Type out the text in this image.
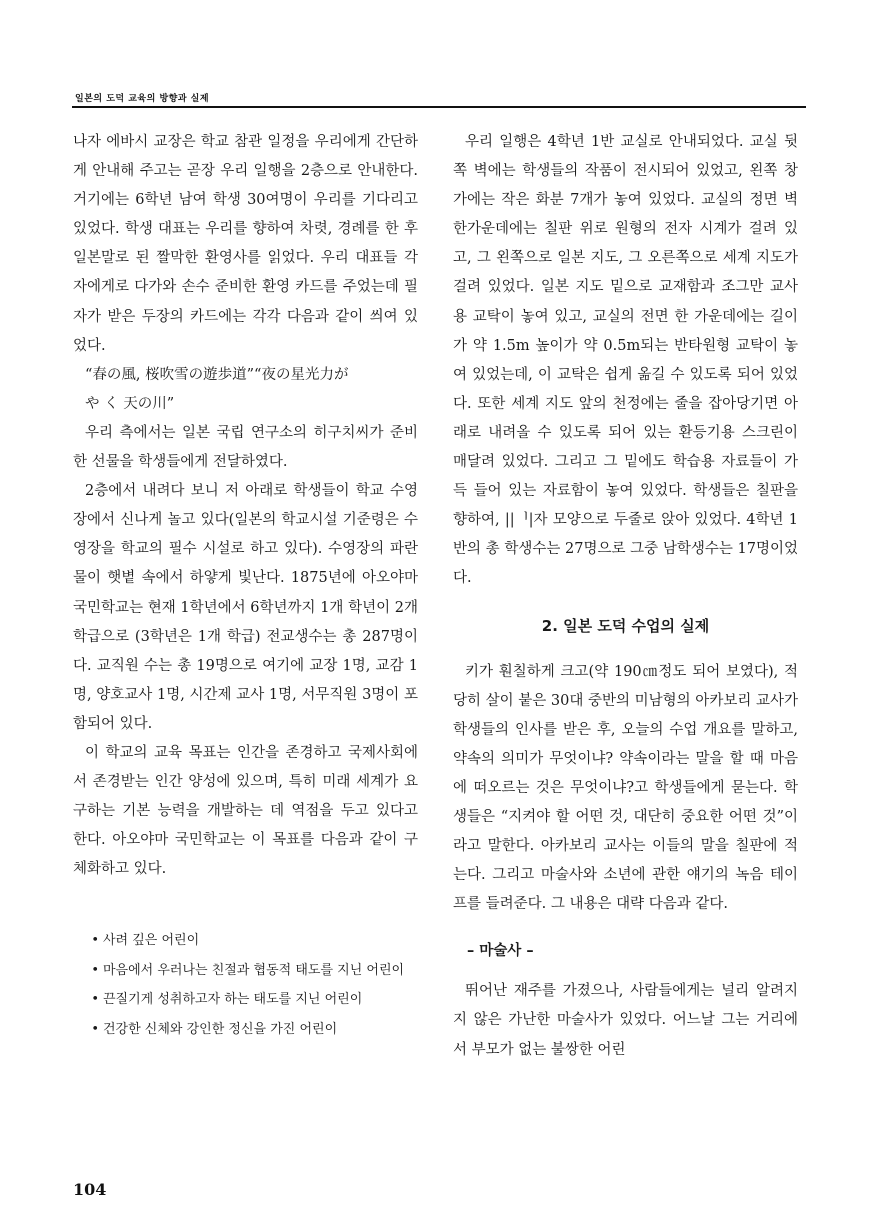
일본의 도덕 교육의 방향과 실제

나자 에바시 교장은 학교 참관 일정을 우리에게 간단하게 안내해 주고는 곧장 우리 일행을 2층으로 안내한다. 거기에는 6학년 남여 학생 30여명이 우리를 기다리고 있었다. 학생 대표는 우리를 향하여 차렷, 경례를 한 후 일본말로 된 짤막한 환영사를 읽었다. 우리 대표들 각자에게로 다가와 손수 준비한 환영 카드를 주었는데 필자가 받은 두장의 카드에는 각각 다음과 같이 씌여 있었다.

“春の風, 桜吹雪の遊歩道”“夜の星光力が

や く 天の川”

우리 측에서는 일본 국립 연구소의 히구치씨가 준비한 선물을 학생들에게 전달하였다.

2층에서 내려다 보니 저 아래로 학생들이 학교 수영장에서 신나게 놀고 있다(일본의 학교시설 기준령은 수영장을 학교의 필수 시설로 하고 있다). 수영장의 파란물이 햇볕 속에서 하얗게 빛난다. 1875년에 아오야마 국민학교는 현재 1학년에서 6학년까지 1개 학년이 2개 학급으로 (3학년은 1개 학급) 전교생수는 총 287명이다. 교직원 수는 총 19명으로 여기에 교장 1명, 교감 1명, 양호교사 1명, 시간제 교사 1명, 서무직원 3명이 포함되어 있다.

이 학교의 교육 목표는 인간을 존경하고 국제사회에서 존경받는 인간 양성에 있으며, 특히 미래 세계가 요구하는 기본 능력을 개발하는 데 역점을 두고 있다고 한다. 아오야마 국민학교는 이 목표를 다음과 같이 구체화하고 있다.

• 사려 깊은 어린이

• 마음에서 우러나는 친절과 협동적 태도를 지닌 어린이

• 끈질기게 성취하고자 하는 태도를 지닌 어린이

• 건강한 신체와 강인한 정신을 가진 어린이

우리 일행은 4학년 1반 교실로 안내되었다. 교실 뒷쪽 벽에는 학생들의 작품이 전시되어 있었고, 왼쪽 창가에는 작은 화분 7개가 놓여 있었다. 교실의 정면 벽 한가운데에는 칠판 위로 원형의 전자 시계가 걸려 있고, 그 왼쪽으로 일본 지도, 그 오른쪽으로 세계 지도가 걸려 있었다. 일본 지도 밑으로 교재함과 조그만 교사용 교탁이 놓여 있고, 교실의 전면 한 가운데에는 길이가 약 1.5m 높이가 약 0.5m되는 반타원형 교탁이 놓여 있었는데, 이 교탁은 쉽게 옮길 수 있도록 되어 있었다. 또한 세계 지도 앞의 천정에는 줄을 잡아당기면 아래로 내려올 수 있도록 되어 있는 환등기용 스크린이 매달려 있었다. 그리고 그 밑에도 학습용 자료들이 가득 들어 있는 자료함이 놓여 있었다. 학생들은 칠판을 향하여, ||ᅵ|자 모양으로 두줄로 앉아 있었다. 4학년 1반의 총 학생수는 27명으로 그중 남학생수는 17명이었다.

2. 일본 도덕 수업의 실제

키가 훤칠하게 크고(약 190㎝정도 되어 보였다), 적당히 살이 붙은 30대 중반의 미남형의 아카보리 교사가 학생들의 인사를 받은 후, 오늘의 수업 개요를 말하고, 약속의 의미가 무엇이냐? 약속이라는 말을 할 때 마음에 떠오르는 것은 무엇이냐?고 학생들에게 묻는다. 학생들은 “지켜야 할 어떤 것, 대단히 중요한 어떤 것”이라고 말한다. 아카보리 교사는 이들의 말을 칠판에 적는다. 그리고 마술사와 소년에 관한 얘기의 녹음 테이프를 들려준다. 그 내용은 대략 다음과 같다.

– 마술사 –

뛰어난 재주를 가졌으나, 사람들에게는 널리 알려지지 않은 가난한 마술사가 있었다. 어느날 그는 거리에서 부모가 없는 불쌍한 어린

104
